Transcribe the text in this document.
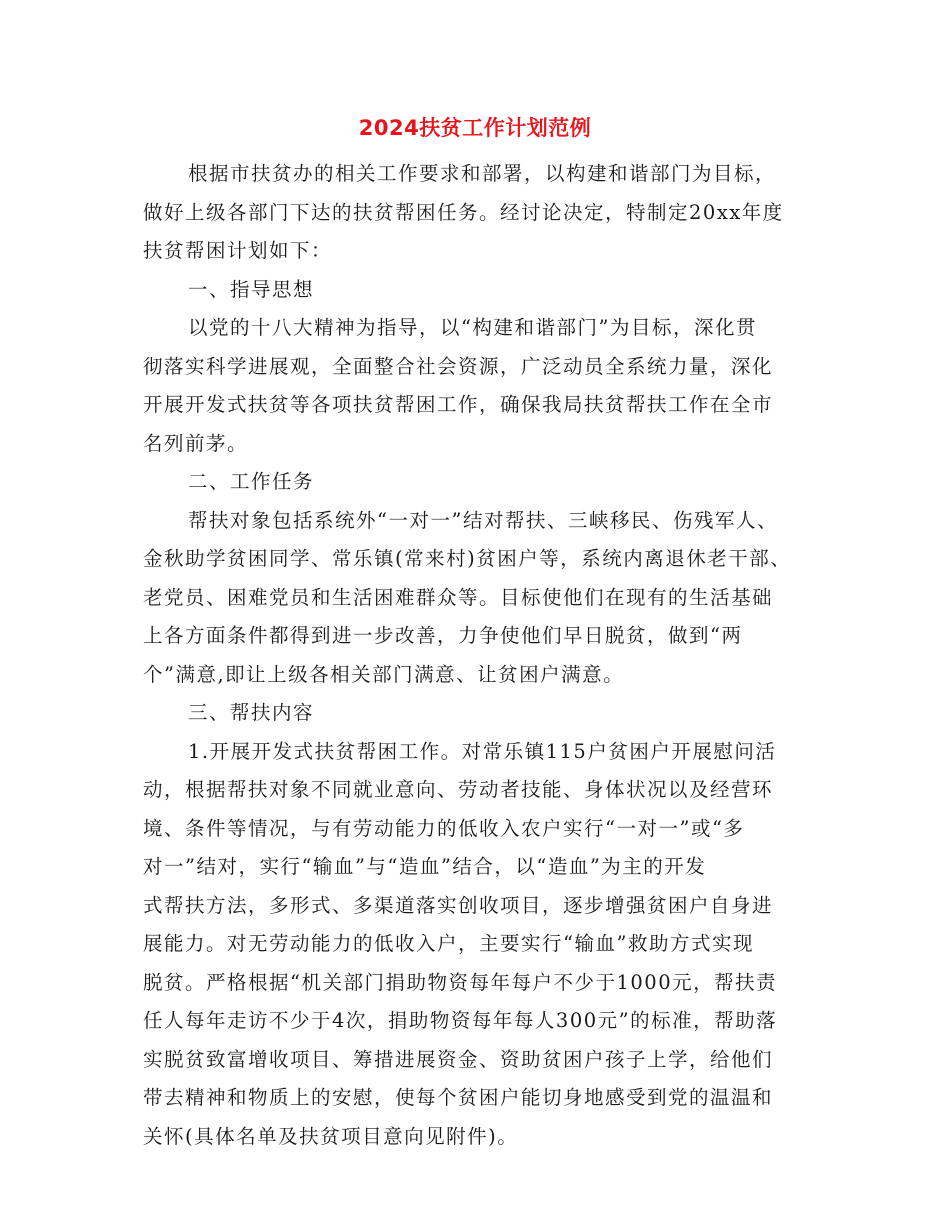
2024扶贫工作计划范例
根据市扶贫办的相关工作要求和部署，以构建和谐部门为目标，
做好上级各部门下达的扶贫帮困任务。经讨论决定，特制定20xx年度
扶贫帮困计划如下：
一、指导思想
以党的十八大精神为指导，以“构建和谐部门”为目标，深化贯
彻落实科学进展观，全面整合社会资源，广泛动员全系统力量，深化
开展开发式扶贫等各项扶贫帮困工作，确保我局扶贫帮扶工作在全市
名列前茅。
二、工作任务
帮扶对象包括系统外“一对一”结对帮扶、三峡移民、伤残军人、
金秋助学贫困同学、常乐镇(常来村)贫困户等，系统内离退休老干部、
老党员、困难党员和生活困难群众等。目标使他们在现有的生活基础
上各方面条件都得到进一步改善，力争使他们早日脱贫，做到“两
个”满意,即让上级各相关部门满意、让贫困户满意。
三、帮扶内容
1.开展开发式扶贫帮困工作。对常乐镇115户贫困户开展慰问活
动，根据帮扶对象不同就业意向、劳动者技能、身体状况以及经营环
境、条件等情况，与有劳动能力的低收入农户实行“一对一”或“多
对一”结对，实行“输血”与“造血”结合，以“造血”为主的开发
式帮扶方法，多形式、多渠道落实创收项目，逐步增强贫困户自身进
展能力。对无劳动能力的低收入户，主要实行“输血”救助方式实现
脱贫。严格根据“机关部门捐助物资每年每户不少于1000元，帮扶责
任人每年走访不少于4次，捐助物资每年每人300元”的标准，帮助落
实脱贫致富增收项目、筹措进展资金、资助贫困户孩子上学，给他们
带去精神和物质上的安慰，使每个贫困户能切身地感受到党的温温和
关怀(具体名单及扶贫项目意向见附件)。
